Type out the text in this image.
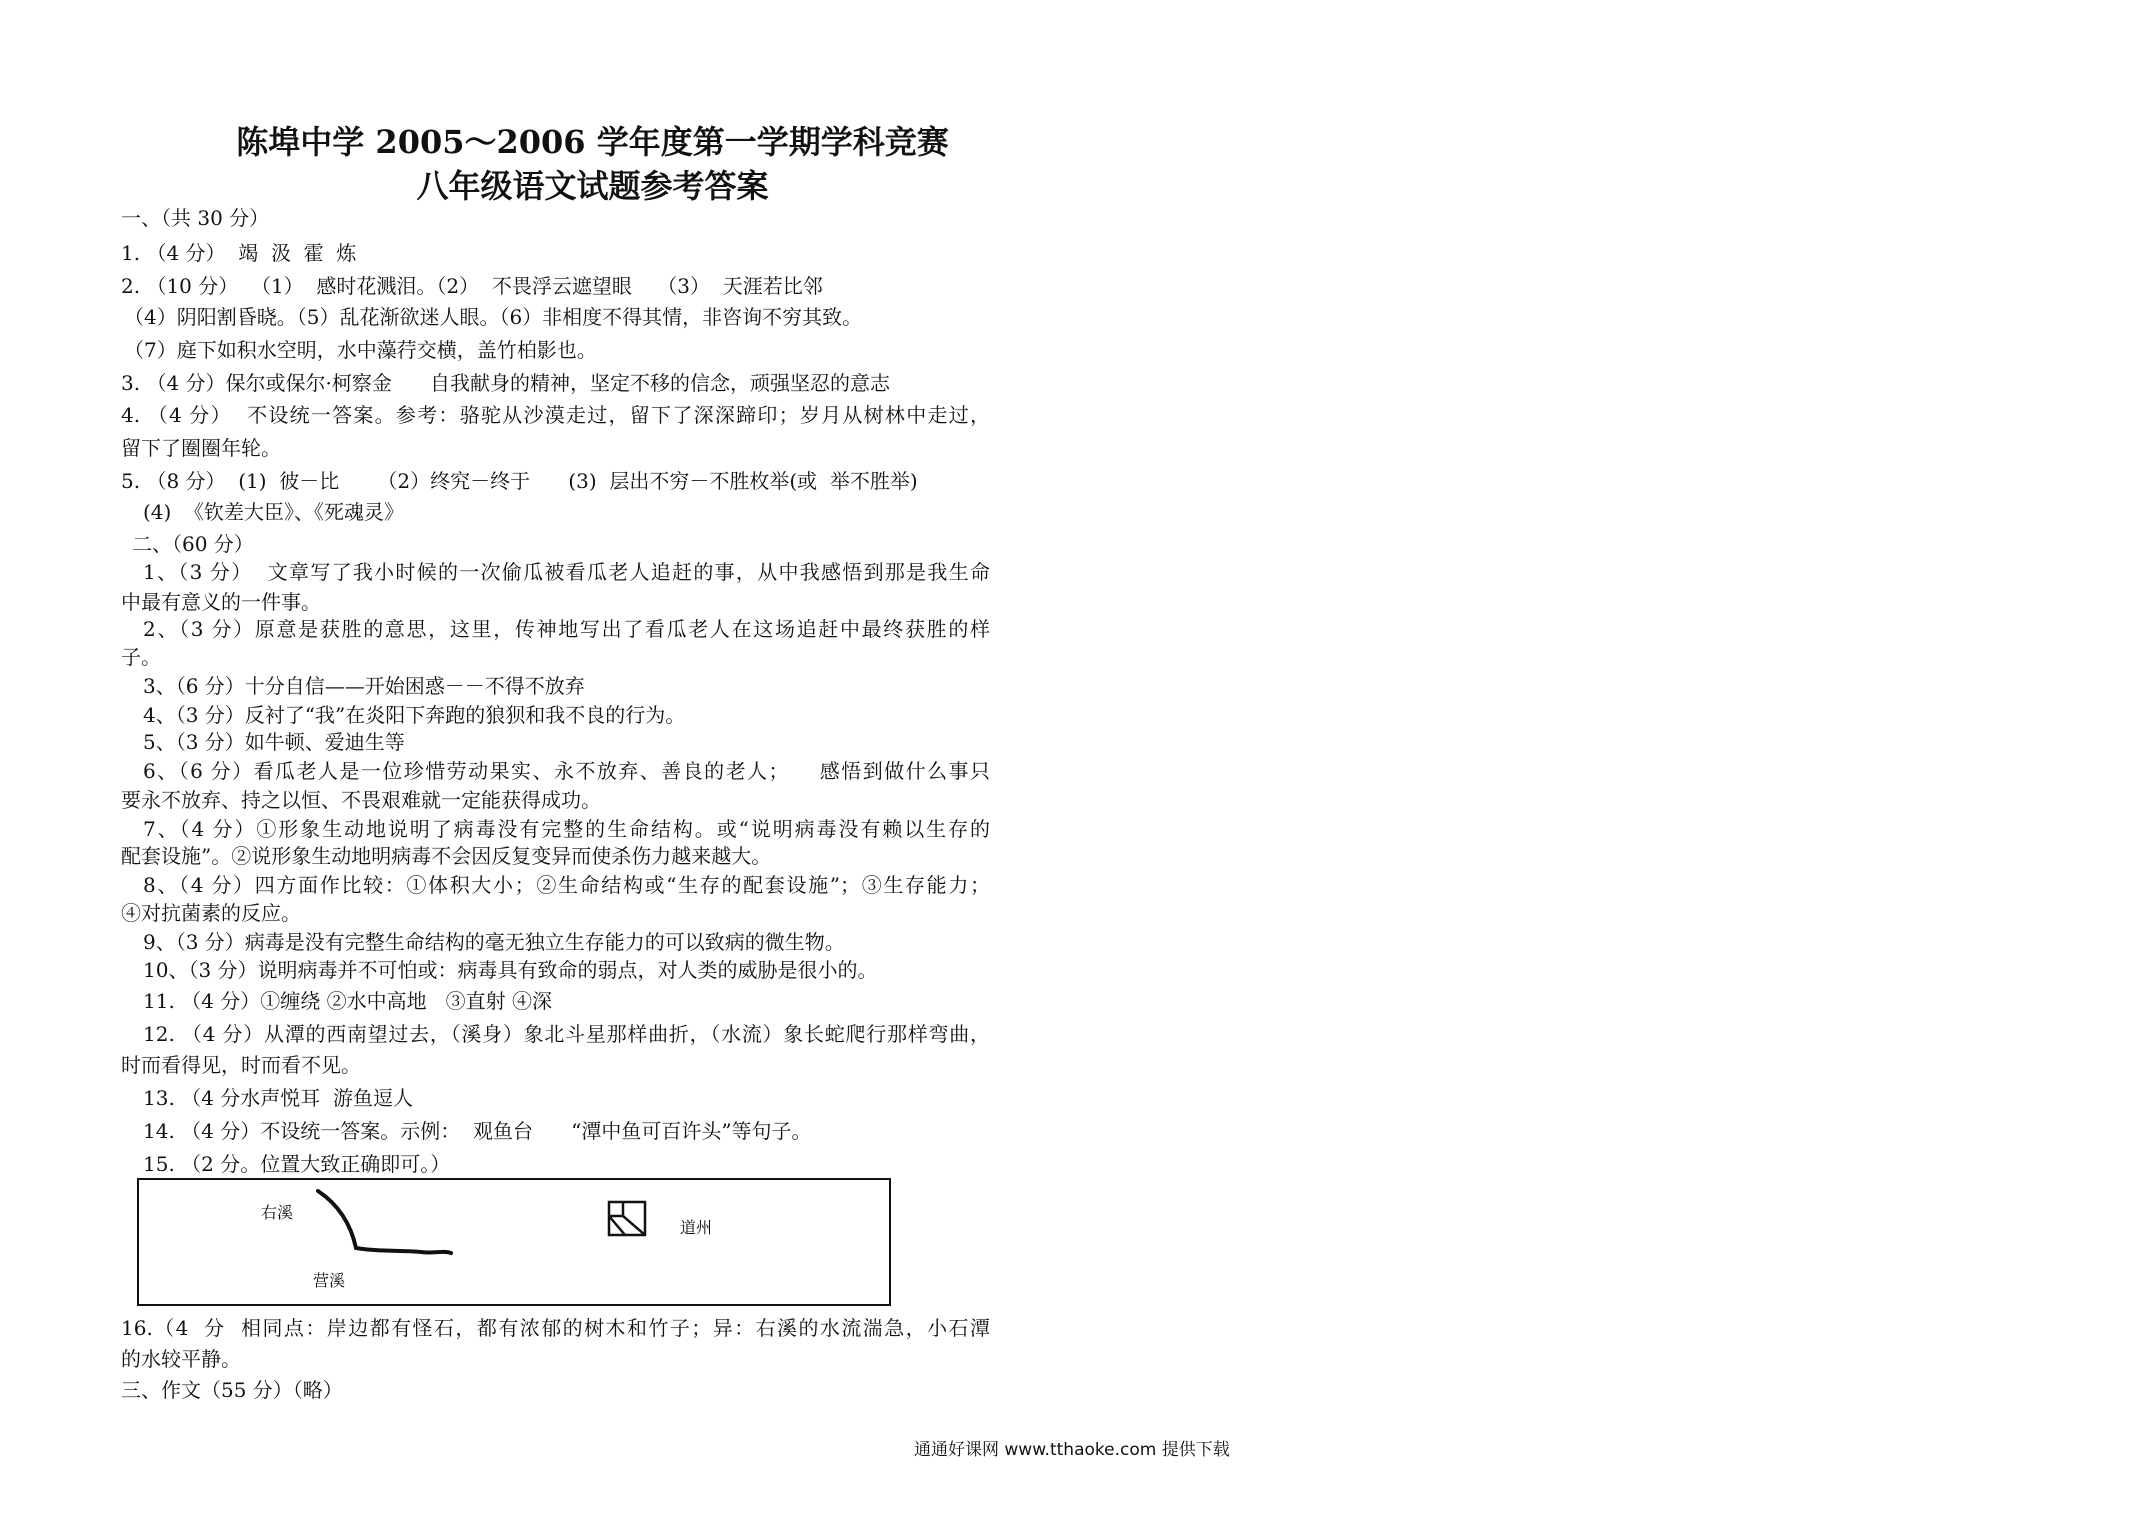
陈埠中学 2005～2006 学年度第一学期学科竞赛
八年级语文试题参考答案
一、（共 30 分）
1. （4 分）  竭  汲  霍  炼
2. （10 分）  （1）  感时花溅泪。（2）  不畏浮云遮望眼    （3）  天涯若比邻
（4）阴阳割昏晓。（5）乱花渐欲迷人眼。（6）非相度不得其情，非咨询不穷其致。
（7）庭下如积水空明，水中藻荇交横，盖竹柏影也。
3. （4 分）保尔或保尔·柯察金      自我献身的精神，坚定不移的信念，顽强坚忍的意志
4. （4 分）  不设统一答案。参考：骆驼从沙漠走过，留下了深深蹄印；岁月从树林中走过，
留下了圈圈年轮。
5. （8 分）  (1)  彼－比      （2）终究－终于      (3)  层出不穷－不胜枚举(或  举不胜举)
(4)  《钦差大臣》、《死魂灵》
二、（60 分）
1、（3 分）  文章写了我小时候的一次偷瓜被看瓜老人追赶的事，从中我感悟到那是我生命
中最有意义的一件事。
2、（3 分）原意是获胜的意思，这里，传神地写出了看瓜老人在这场追赶中最终获胜的样
子。
3、（6 分）十分自信——开始困惑－－不得不放弃
4、（3 分）反衬了“我”在炎阳下奔跑的狼狈和我不良的行为。
5、（3 分）如牛顿、爱迪生等
6、（6 分）看瓜老人是一位珍惜劳动果实、永不放弃、善良的老人；    感悟到做什么事只
要永不放弃、持之以恒、不畏艰难就一定能获得成功。
7、（4 分）①形象生动地说明了病毒没有完整的生命结构。或“说明病毒没有赖以生存的
配套设施”。②说形象生动地明病毒不会因反复变异而使杀伤力越来越大。
8、（4 分）四方面作比较：①体积大小；②生命结构或“生存的配套设施”；③生存能力；
④对抗菌素的反应。
9、（3 分）病毒是没有完整生命结构的毫无独立生存能力的可以致病的微生物。
10、（3 分）说明病毒并不可怕或：病毒具有致命的弱点，对人类的威胁是很小的。
11. （4 分）①缠绕 ②水中高地   ③直射 ④深
12. （4 分）从潭的西南望过去，（溪身）象北斗星那样曲折，（水流）象长蛇爬行那样弯曲，
时而看得见，时而看不见。
13. （4 分水声悦耳  游鱼逗人
14. （4 分）不设统一答案。示例：  观鱼台      “潭中鱼可百许头”等句子。
15. （2 分。位置大致正确即可。）
16.（4  分  相同点：岸边都有怪石，都有浓郁的树木和竹子；异：右溪的水流湍急，小石潭
的水较平静。
三、作文（55 分）（略）
右溪
营溪
道州
通通好课网 www.tthaoke.com 提供下载
